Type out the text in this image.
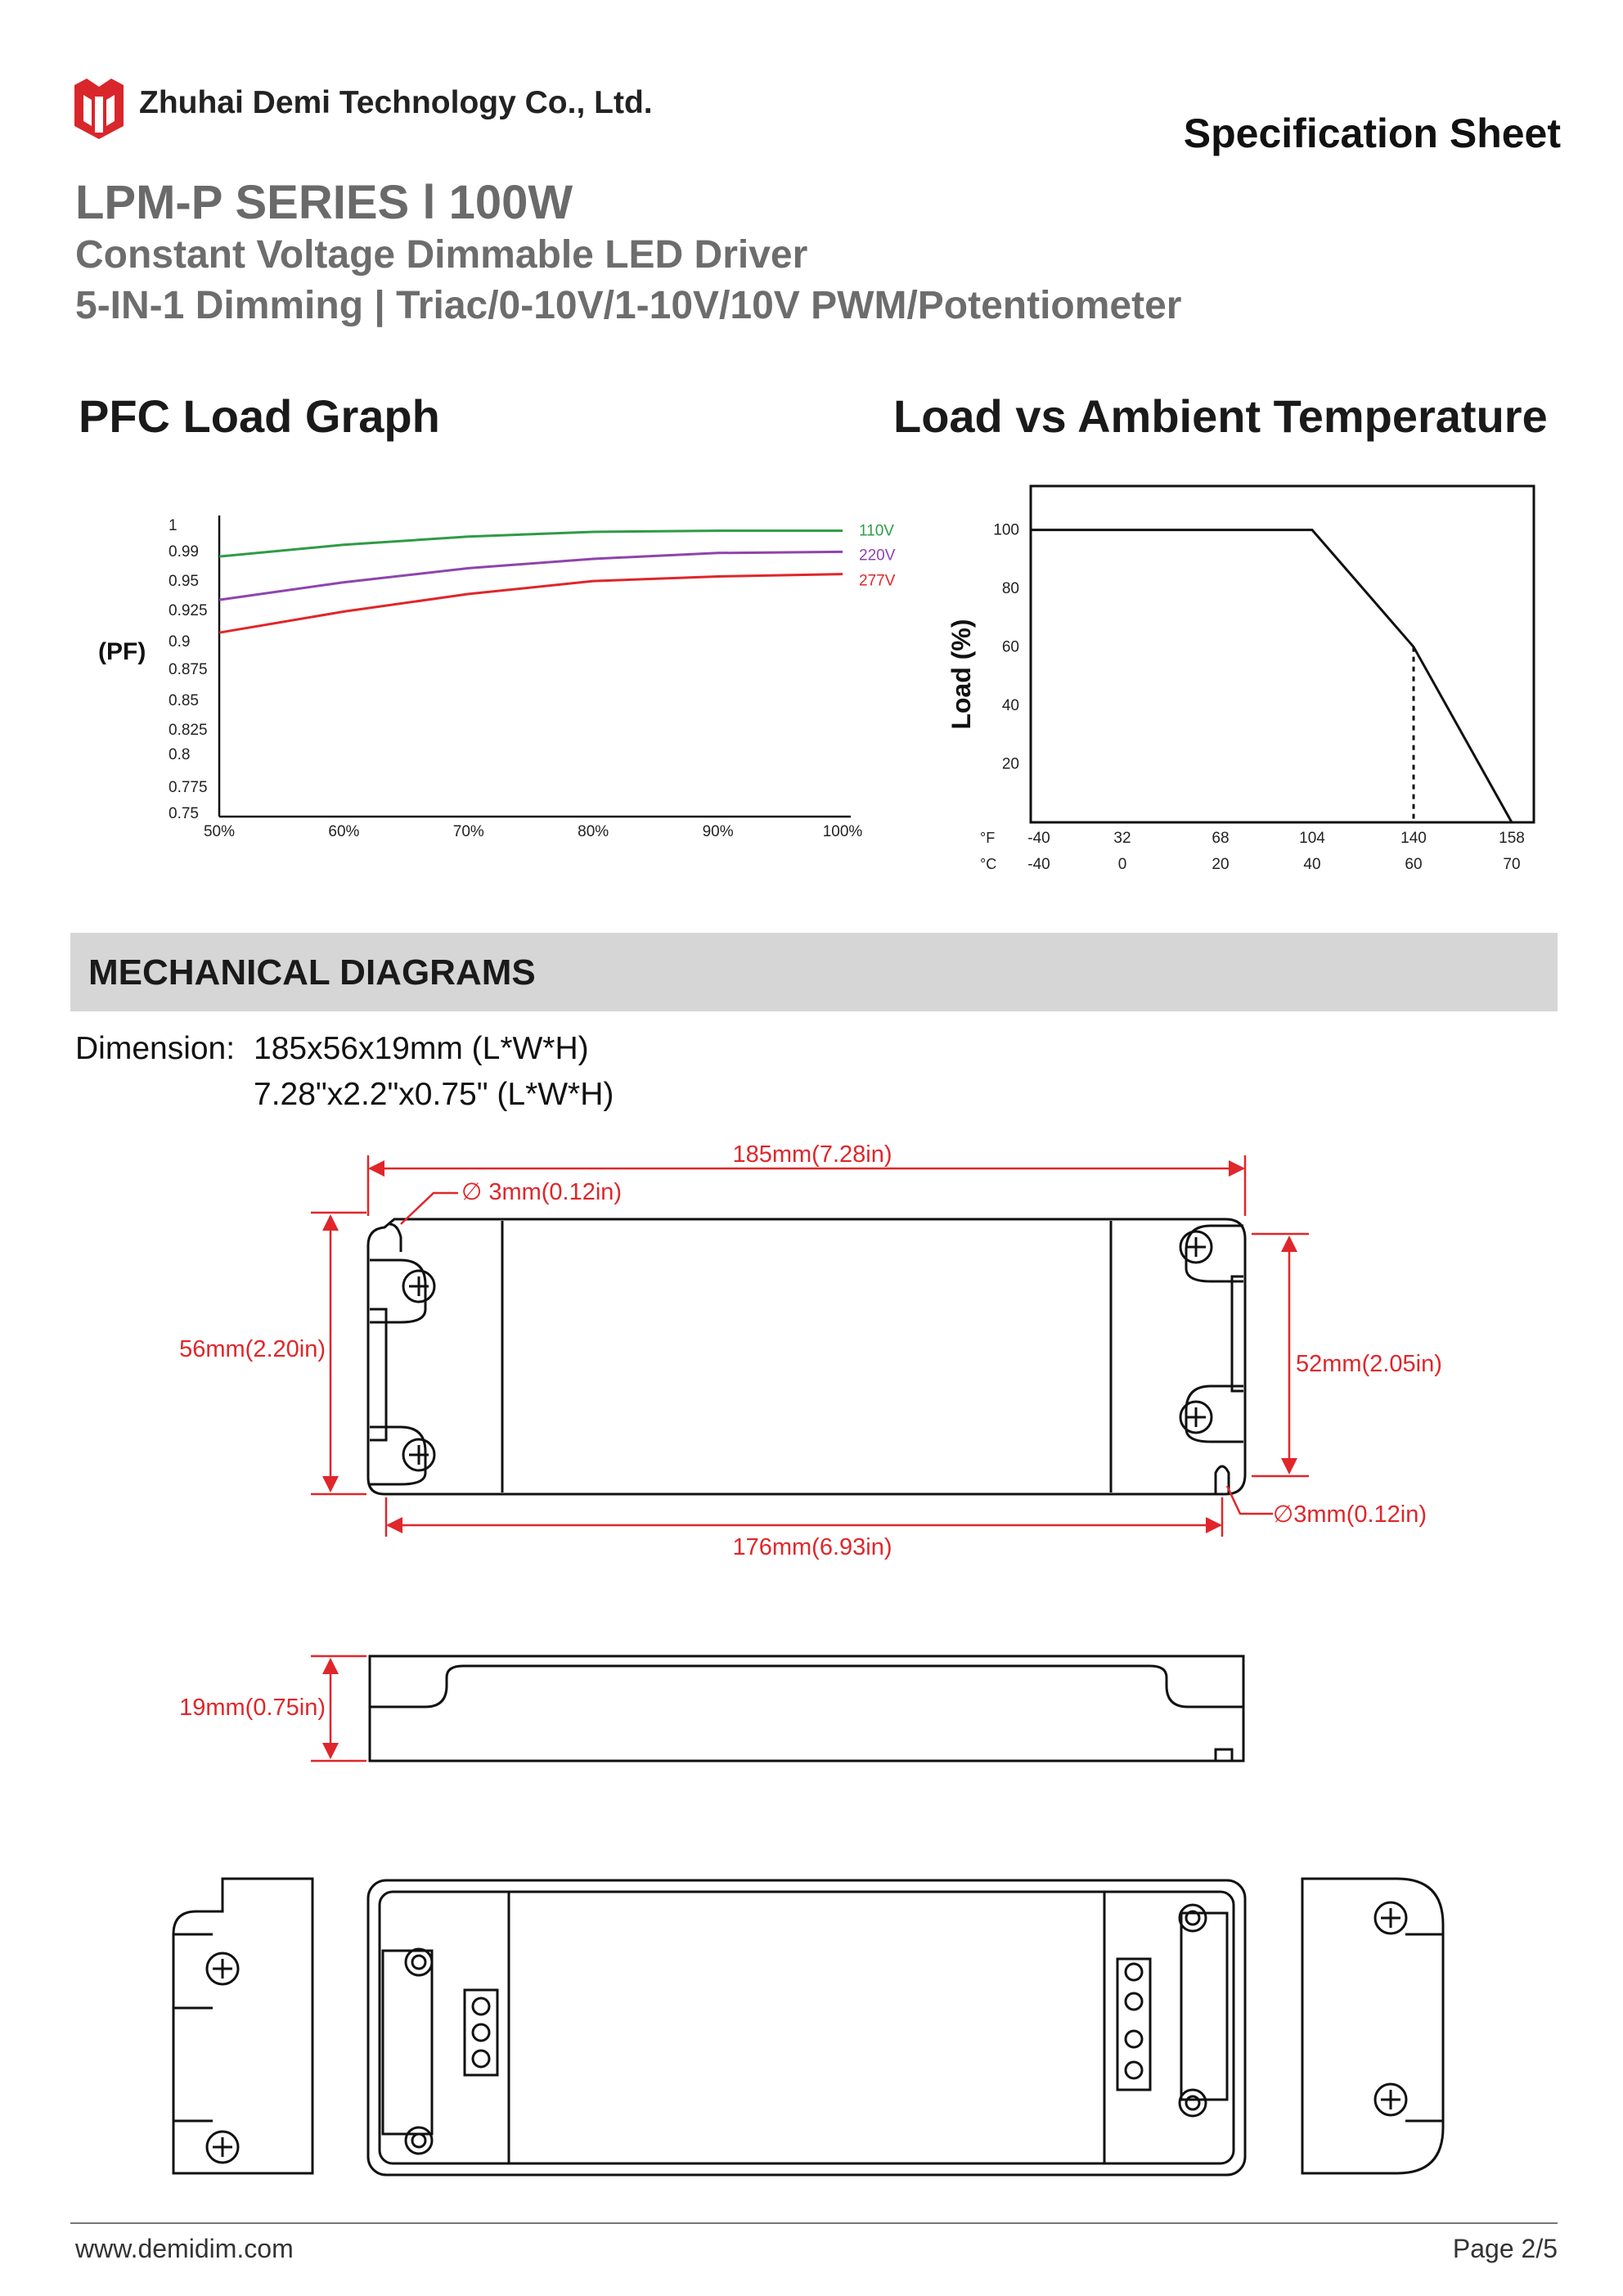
Zhuhai Demi Technology Co., Ltd.
Specification Sheet
LPM-P SERIES l 100W
Constant Voltage Dimmable LED Driver
5-IN-1 Dimming | Triac/0-10V/1-10V/10V PWM/Potentiometer
PFC Load Graph	Load vs Ambient Temperature
1
0.99
0.95
0.925
0.9
0.875
0.85
0.825
0.8
0.775
0.75
(PF)
50%	60%	70%	80%	90%	100%
110V
220V
277V
100
80
60
40
20
Load (%)
°F
°C
-40	32	68	104	140	158
-40	0	20	40	60	70
MECHANICAL DIAGRAMS
Dimension: 185x56x19mm (L*W*H)
7.28"x2.2"x0.75" (L*W*H)
185mm(7.28in)
∅ 3mm(0.12in)
56mm(2.20in)
52mm(2.05in)
∅3mm(0.12in)
176mm(6.93in)
19mm(0.75in)
www.demidim.com	Page 2/5
